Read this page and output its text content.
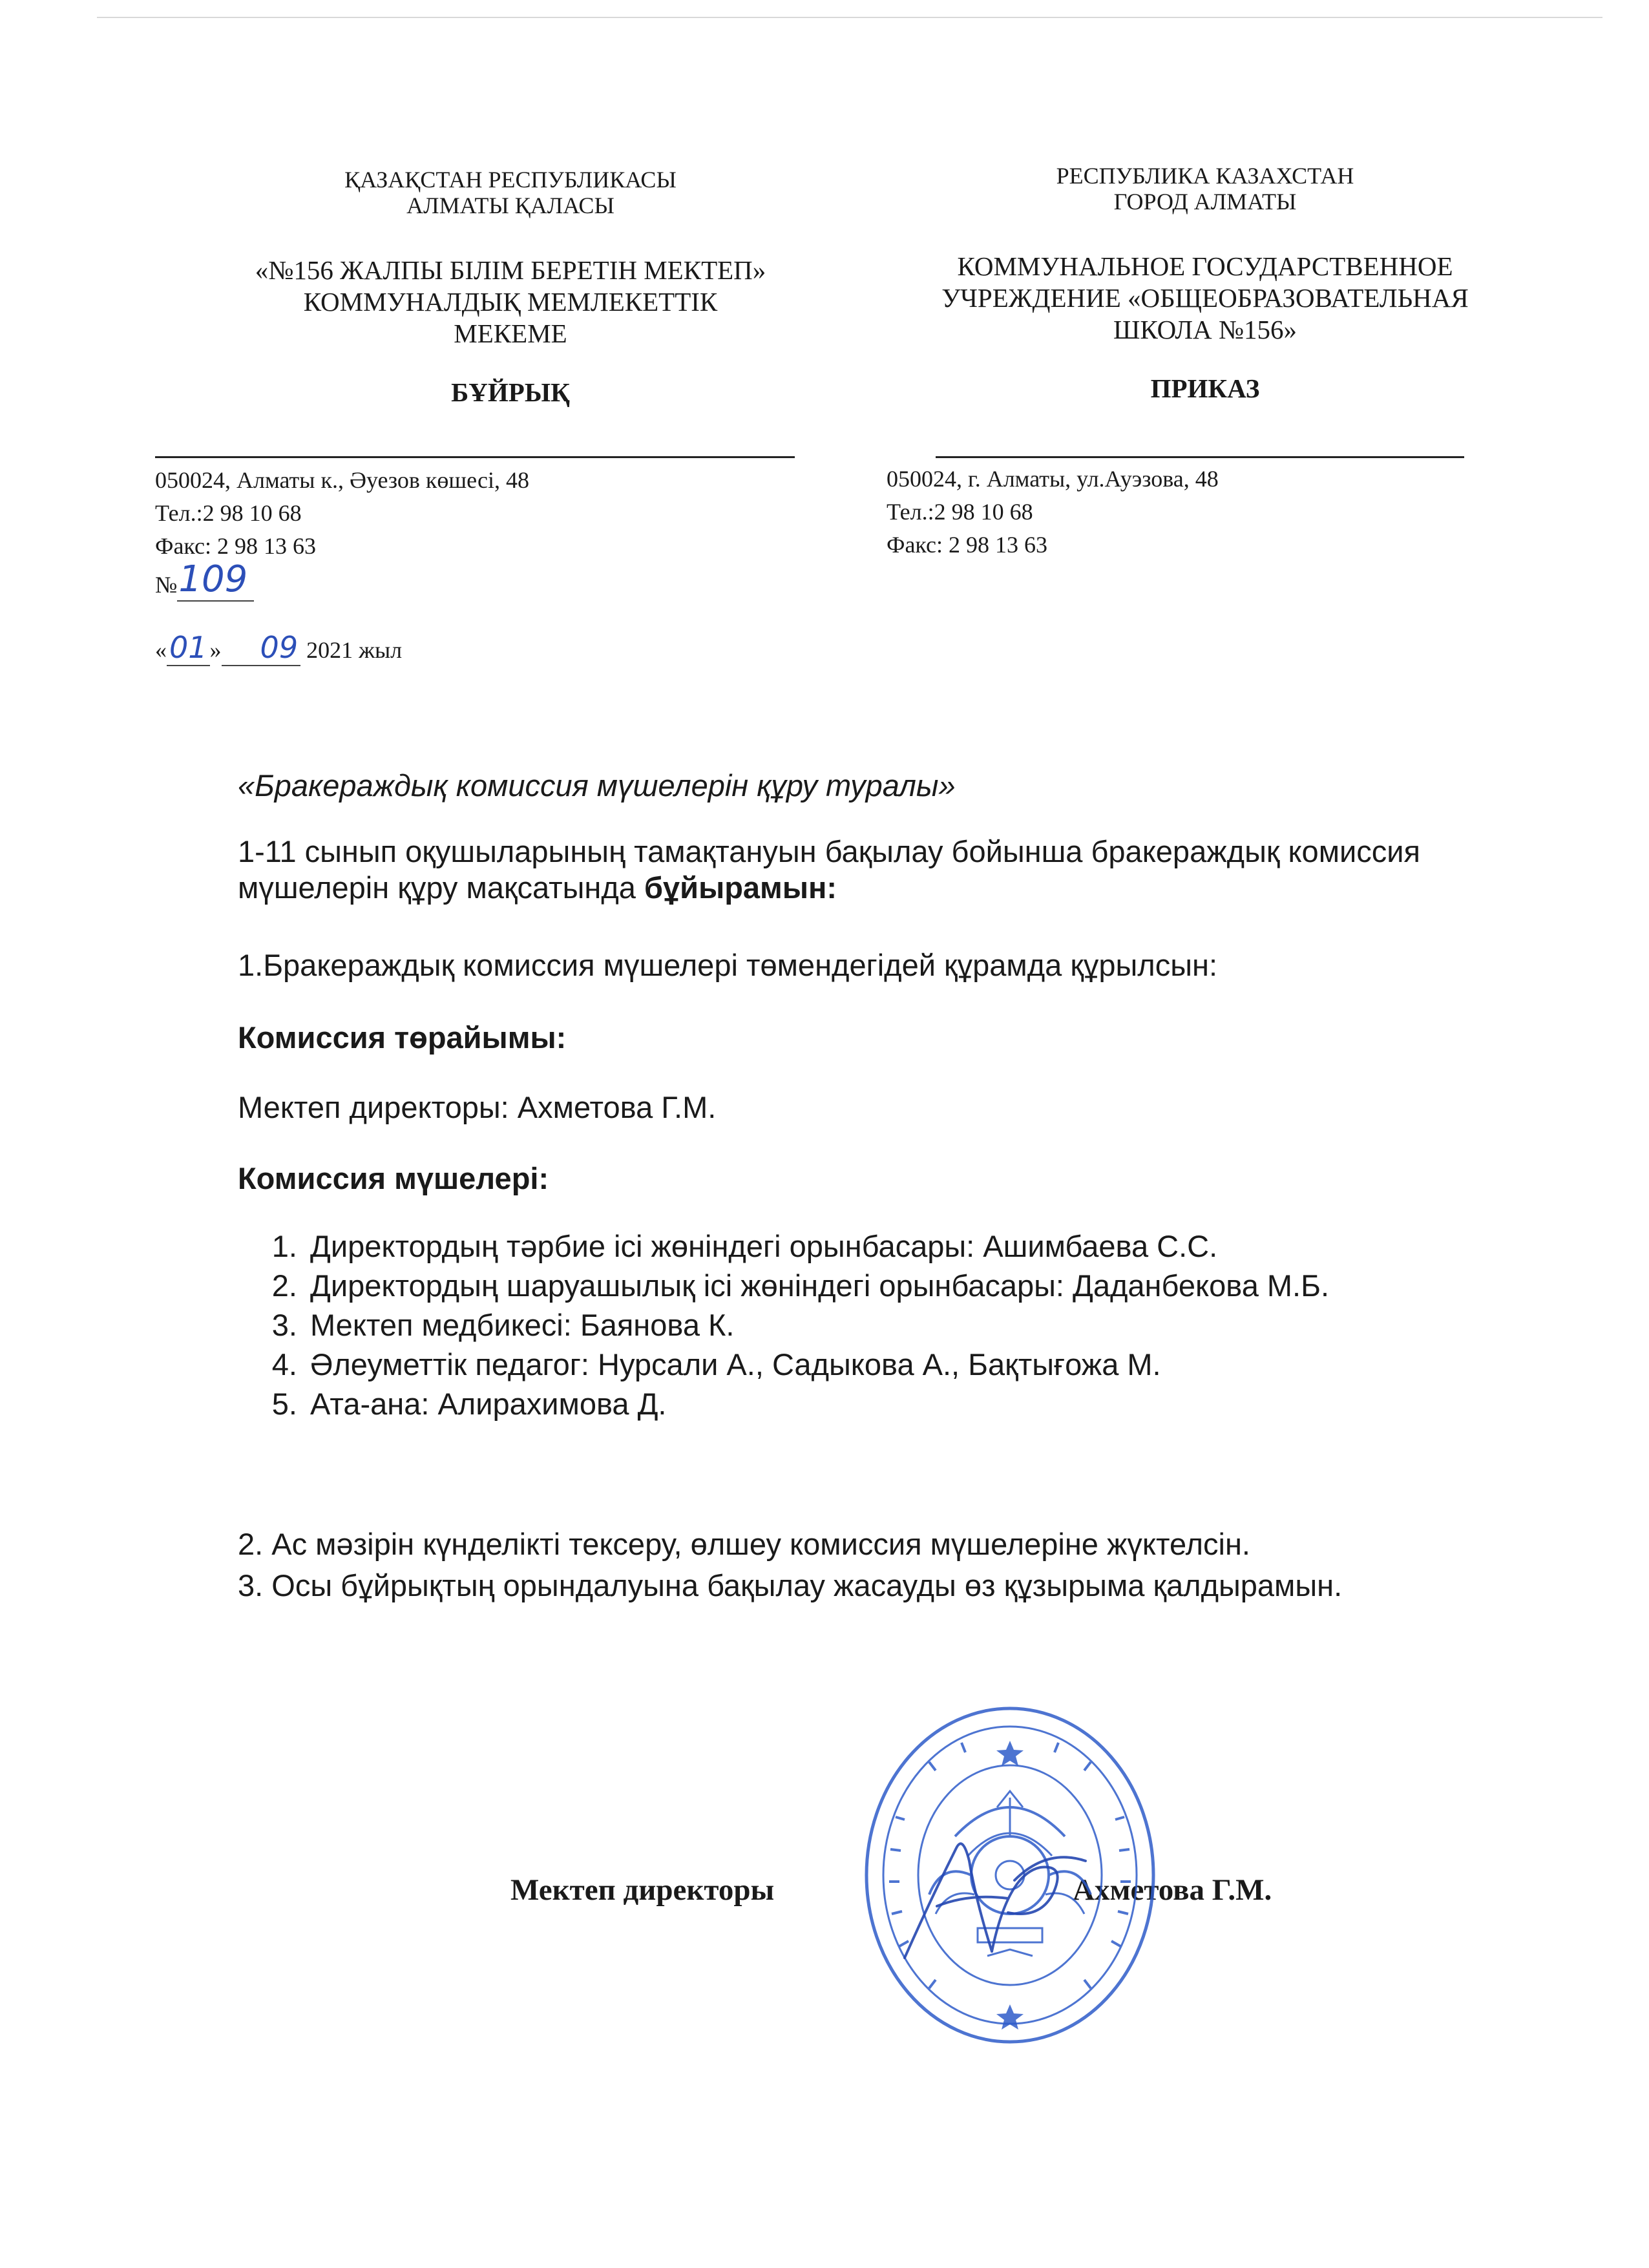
ҚАЗАҚСТАН РЕСПУБЛИКАСЫ
АЛМАТЫ ҚАЛАСЫ
«№156 ЖАЛПЫ БІЛІМ БЕРЕТІН МЕКТЕП»
КОММУНАЛДЫҚ МЕМЛЕКЕТТІК
МЕКЕМЕ
БҰЙРЫҚ
РЕСПУБЛИКА КАЗАХСТАН
ГОРОД АЛМАТЫ
КОММУНАЛЬНОЕ ГОСУДАРСТВЕННОЕ
УЧРЕЖДЕНИЕ «ОБЩЕОБРАЗОВАТЕЛЬНАЯ
ШКОЛА №156»
ПРИКАЗ
050024, Алматы к., Әуезов көшесі, 48
Тел.:2 98 10 68
Факс: 2 98 13 63
050024, г. Алматы, ул.Ауэзова, 48
Тел.:2 98 10 68
Факс: 2 98 13 63
№109
«01 » 09 2021 жыл
«Бракераждық комиссия мүшелерін құру туралы»
1-11 сынып оқушыларының тамақтануын бақылау бойынша бракераждық комиссия мүшелерін құру мақсатында бұйырамын:
1.Бракераждық комиссия мүшелері төмендегідей құрамда құрылсын:
Комиссия төрайымы:
Мектеп директоры: Ахметова Г.М.
Комиссия мүшелері:
1. Директордың тәрбие ісі жөніндегі орынбасары: Ашимбаева С.С.
2. Директордың шаруашылық ісі жөніндегі орынбасары: Даданбекова М.Б.
3. Мектеп медбикесі: Баянова К.
4. Әлеуметтік педагог: Нурсали А., Садыкова А., Бақтығожа М.
5. Ата-ана: Алирахимова Д.
2. Ас мәзірін күнделікті тексеру, өлшеу комиссия мүшелеріне жүктелсін.
3. Осы бұйрықтың орындалуына бақылау жасауды өз құзырыма қалдырамын.
Мектеп директоры	Ахметова Г.М.
